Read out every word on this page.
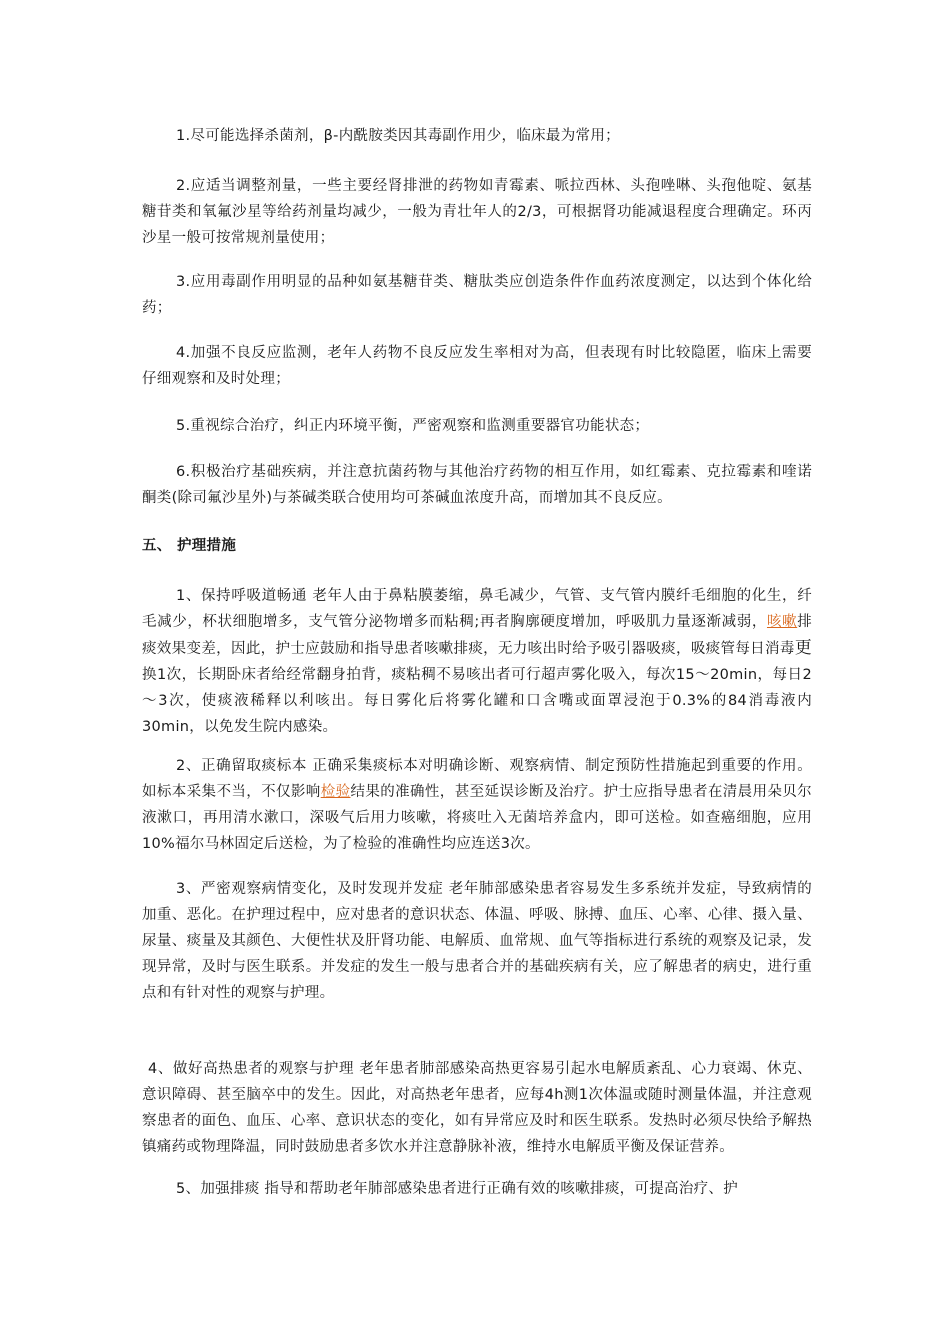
1.尽可能选择杀菌剂，β-内酰胺类因其毒副作用少，临床最为常用；

2.应适当调整剂量，一些主要经肾排泄的药物如青霉素、哌拉西林、头孢唑啉、头孢他啶、氨基糖苷类和氧氟沙星等给药剂量均减少，一般为青壮年人的2/3，可根据肾功能减退程度合理确定。环丙沙星一般可按常规剂量使用；

3.应用毒副作用明显的品种如氨基糖苷类、糖肽类应创造条件作血药浓度测定，以达到个体化给药；

4.加强不良反应监测，老年人药物不良反应发生率相对为高，但表现有时比较隐匿，临床上需要仔细观察和及时处理；

5.重视综合治疗，纠正内环境平衡，严密观察和监测重要器官功能状态；

6.积极治疗基础疾病，并注意抗菌药物与其他治疗药物的相互作用，如红霉素、克拉霉素和喹诺酮类(除司氟沙星外)与茶碱类联合使用均可茶碱血浓度升高，而增加其不良反应。

五、 护理措施

1、保持呼吸道畅通 老年人由于鼻粘膜萎缩，鼻毛减少，气管、支气管内膜纤毛细胞的化生，纤毛减少，杯状细胞增多，支气管分泌物增多而粘稠;再者胸廓硬度增加，呼吸肌力量逐渐减弱，咳嗽排痰效果变差，因此，护士应鼓励和指导患者咳嗽排痰，无力咳出时给予吸引器吸痰，吸痰管每日消毒更换1次，长期卧床者给经常翻身拍背，痰粘稠不易咳出者可行超声雾化吸入，每次15～20min，每日2～3次，使痰液稀释以利咳出。每日雾化后将雾化罐和口含嘴或面罩浸泡于0.3%的84消毒液内30min，以免发生院内感染。

2、正确留取痰标本 正确采集痰标本对明确诊断、观察病情、制定预防性措施起到重要的作用。如标本采集不当，不仅影响检验结果的准确性，甚至延误诊断及治疗。护士应指导患者在清晨用朵贝尔液漱口，再用清水漱口，深吸气后用力咳嗽，将痰吐入无菌培养盒内，即可送检。如查癌细胞，应用10%福尔马林固定后送检，为了检验的准确性均应连送3次。

3、严密观察病情变化，及时发现并发症 老年肺部感染患者容易发生多系统并发症，导致病情的加重、恶化。在护理过程中，应对患者的意识状态、体温、呼吸、脉搏、血压、心率、心律、摄入量、尿量、痰量及其颜色、大便性状及肝肾功能、电解质、血常规、血气等指标进行系统的观察及记录，发现异常，及时与医生联系。并发症的发生一般与患者合并的基础疾病有关，应了解患者的病史，进行重点和有针对性的观察与护理。

4、做好高热患者的观察与护理 老年患者肺部感染高热更容易引起水电解质紊乱、心力衰竭、休克、意识障碍、甚至脑卒中的发生。因此，对高热老年患者，应每4h测1次体温或随时测量体温，并注意观察患者的面色、血压、心率、意识状态的变化，如有异常应及时和医生联系。发热时必须尽快给予解热镇痛药或物理降温，同时鼓励患者多饮水并注意静脉补液，维持水电解质平衡及保证营养。

5、加强排痰 指导和帮助老年肺部感染患者进行正确有效的咳嗽排痰，可提高治疗、护
